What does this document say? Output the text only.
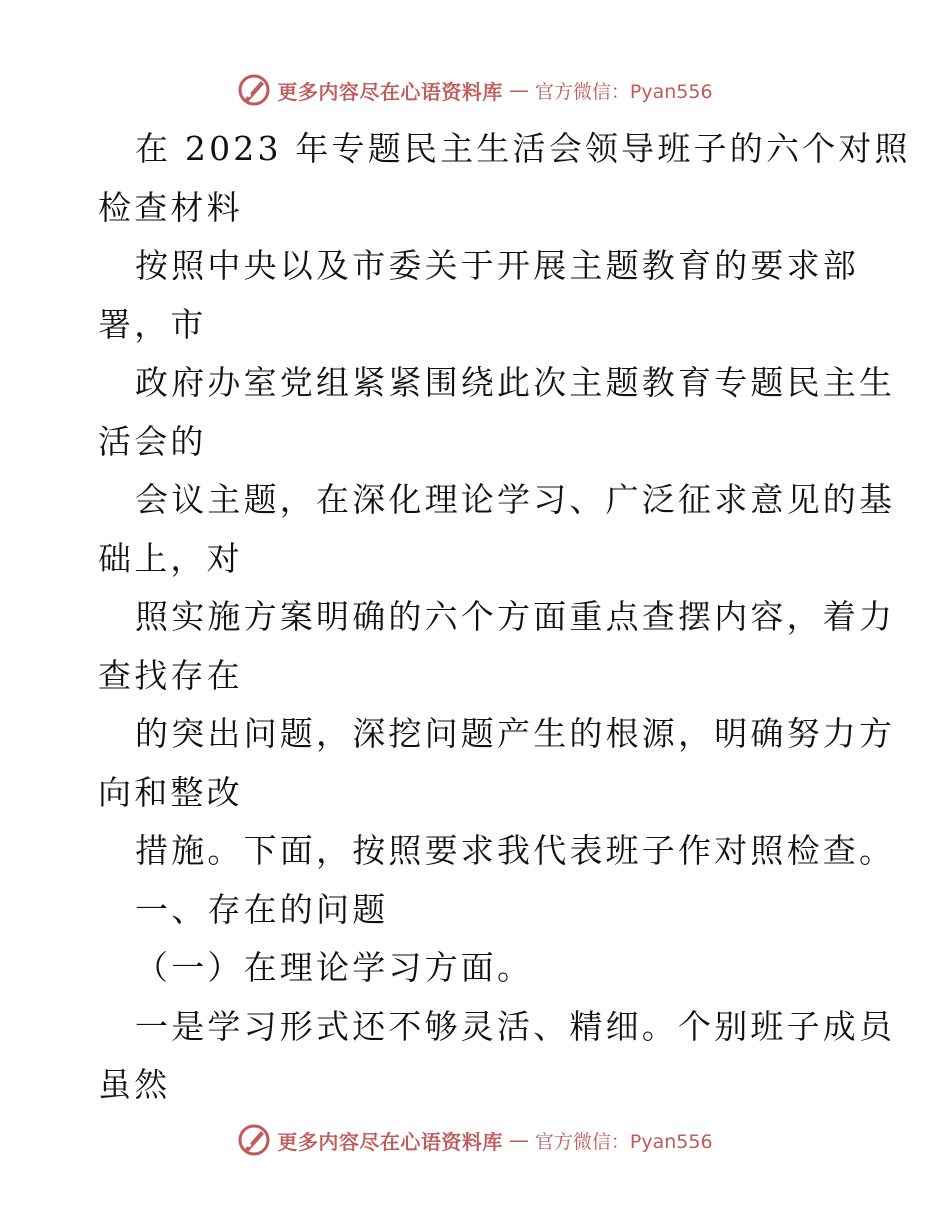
更多内容尽在心语资料库 — 官方微信：Pyan556
在 2023 年专题民主生活会领导班子的六个对照
检查材料
按照中央以及市委关于开展主题教育的要求部
署，市
政府办室党组紧紧围绕此次主题教育专题民主生
活会的
会议主题，在深化理论学习、广泛征求意见的基
础上，对
照实施方案明确的六个方面重点查摆内容，着力
查找存在
的突出问题，深挖问题产生的根源，明确努力方
向和整改
措施。下面，按照要求我代表班子作对照检查。
一、存在的问题
（一）在理论学习方面。
一是学习形式还不够灵活、精细。个别班子成员
虽然
更多内容尽在心语资料库 — 官方微信：Pyan556
